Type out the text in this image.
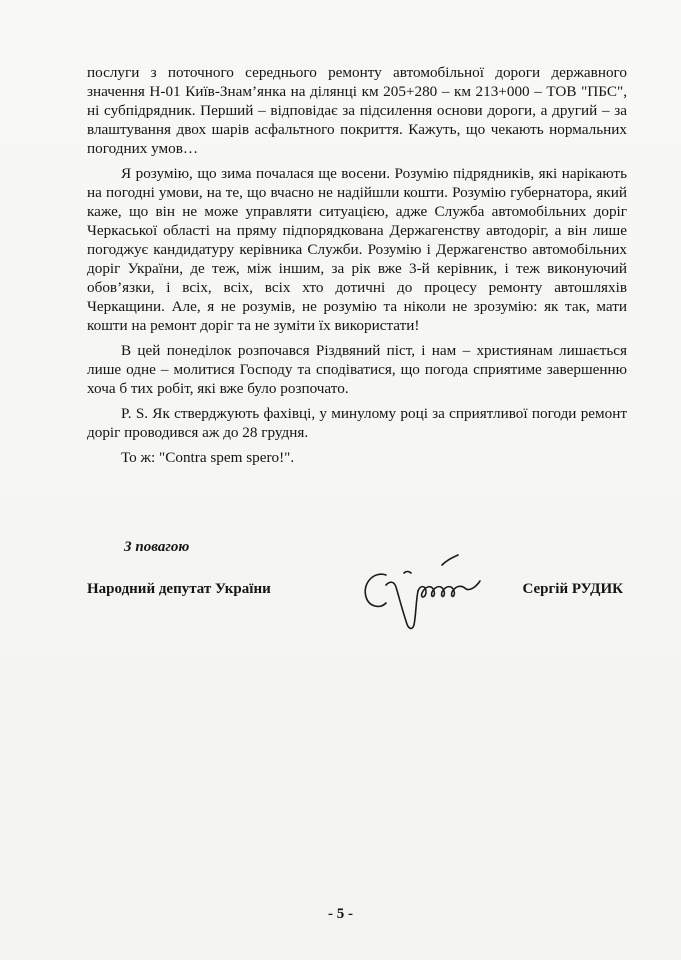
послуги з поточного середнього ремонту автомобільної дороги державного значення Н-01 Київ-Знам’янка на ділянці км 205+280 – км 213+000 – ТОВ "ПБС", ні субпідрядник. Перший – відповідає за підсилення основи дороги, а другий – за влаштування двох шарів асфальтного покриття. Кажуть, що чекають нормальних погодних умов…

Я розумію, що зима почалася ще восени. Розумію підрядників, які нарікають на погодні умови, на те, що вчасно не надійшли кошти. Розумію губернатора, який каже, що він не може управляти ситуацією, адже Служба автомобільних доріг Черкаської області на пряму підпорядкована Держагенству автодоріг, а він лише погоджує кандидатуру керівника Служби. Розумію і Держагенство автомобільних доріг України, де теж, між іншим, за рік вже 3-й керівник, і теж виконуючий обов’язки, і всіх, всіх, всіх хто дотичні до процесу ремонту автошляхів Черкащини. Але, я не розумів, не розумію та ніколи не зрозумію: як так, мати кошти на ремонт доріг та не зуміти їх використати!

В цей понеділок розпочався Різдвяний піст, і нам – християнам лишається лише одне – молитися Господу та сподіватися, що погода сприятиме завершенню хоча б тих робіт, які вже було розпочато.

P. S. Як стверджують фахівці, у минулому році за сприятливої погоди ремонт доріг проводився аж до 28 грудня.

То ж: "Contra spem spero!".

З повагою
Народний депутат України	Сергій РУДИК
- 5 -
